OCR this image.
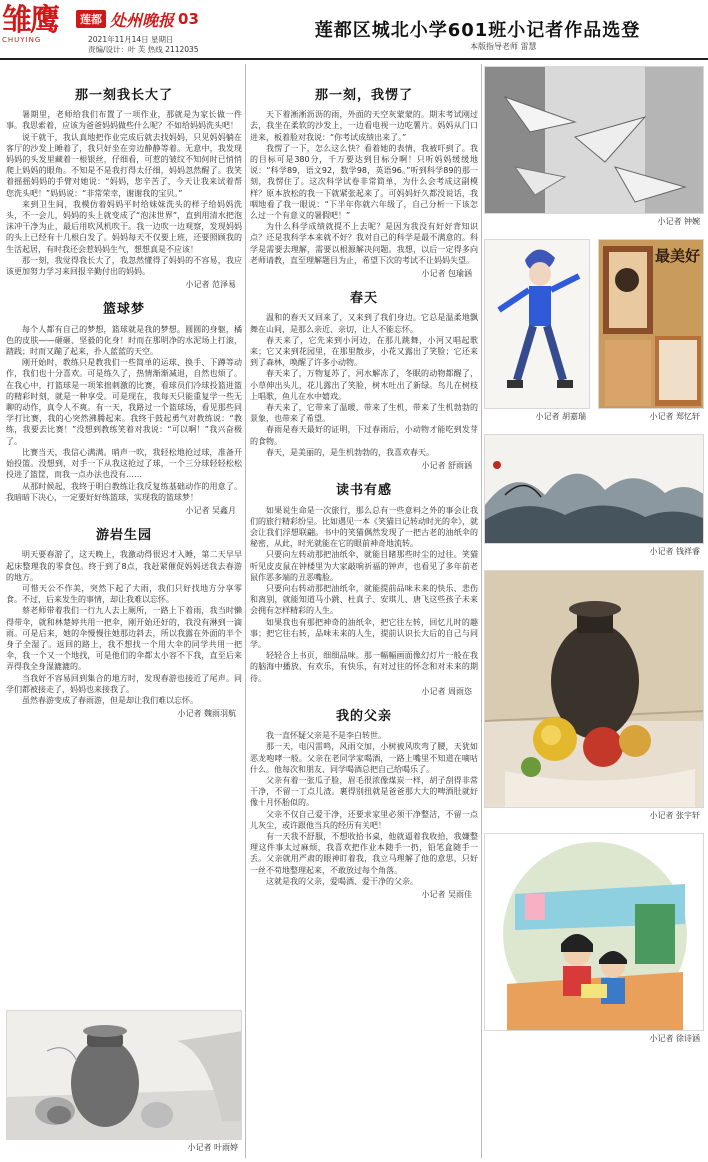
雏鹰
CHUYING
莲都 处州晚报 03
2021年11月14日 星期日
责编/设计：叶 芙 热线 2112035
莲都区城北小学601班小记者作品选登
本版指导老师 雷慧
那一刻我长大了

暑期里，老师给我们布置了一项作业，那就是为家长做一件事。我思索着，应该为爸爸妈妈做些什么呢？不如给妈妈洗头吧！

说干就干，我认真地把作业完成后就去找妈妈，只见妈妈躺在客厅的沙发上睡着了，我只好坐在旁边静静等着。无意中，我发现妈妈的头发里藏着一根银丝，仔细看，可惹的皱纹不知何时已悄悄爬上妈妈的眼角。不知是不是我打得太仔细，妈妈忽然醒了。我笑着摇摇妈妈的手臂对她说：“妈妈，您辛苦了，今天让我来试着帮您洗头吧！”妈妈说：“非常荣幸，谢谢我的宝贝。”

来到卫生间，我模仿着妈妈平时给妹妹洗头的样子给妈妈洗头，不一会儿，妈妈的头上就变成了“泡沫世界”，直到用清水把泡沫冲干净为止，最后用吹风机吹干。我一边吹一边观察，发现妈妈的头上已经有十几根白发了。妈妈每天不仅要上班，还要照顾我的生活起居，有时我还会惹妈妈生气，想想真是不应该！

那一刻，我觉得我长大了，我忽然懂得了妈妈的不容易，我应该更加努力学习来回报辛勤付出的妈妈。

小记者 范泽易
篮球梦

每个人都有自己的梦想，篮球就是我的梦想。圆圆的身躯，橘色的皮肤——砸砸、坚毅的化身！时而在那明净的水泥场上打滚，踏践；时而又蹦了起来，扑人蓝蓝的天空。

刚开始时，教练只是教我们一些简单的运球、换手、下蹲等动作，我们也十分喜欢。可是练久了，热情渐渐减退，自然也烦了。在我心中，打篮球是一项笨拙刺激的比赛，看球员们冷球投篮进篮的精彩时刻，就是一种享受。可是现在，我每天只能重复学一些无聊的动作，真令人不爽。有一天，我路过一个篮球场，看见那些同学打比赛，我的心突然沸腾起来。我终于鼓起勇气对教练说：“教练，我要去比赛！”没想到教练笑着对我说：“可以啊！”我兴奋极了。

比赛当天，我信心满满。哨声一吹，我轻松地抢过球，准备开始投篮。没想到，对手一下从我这抢过了球，一个三分球轻轻松松投进了篮筐，而我一点办法也没有……

从那时候起，我终于明白教练让我反复练基础动作的用意了。我暗暗下决心，一定要好好练篮球，实现我的篮球梦！

小记者 吴鑫月
游岩生园

明天要春游了，这天晚上，我激动得很迟才入睡，第二天早早起床整理我的零食包。终于到了8点，我赶紧催促妈妈送我去春游的地方。

可惜天公不作美，突然下起了大雨，我们只好找地方分享零食。不过，后来发生的事情，却让我难以忘怀。

蔡老师带着我们一行九人去上厕所，一路上下着雨，我当时懒得带伞，就和林楚婷共用一把伞，刚开始还好的，我没有淋到一滴雨。可是后来，她的伞慢慢往她那边斜去，所以我露在外面的半个身子全湿了。返回的路上，我不想找一个用大伞的同学共用一把伞，我一个又一个地找，可是他们的伞都太小容不下我，直至后来弄得我全身湿漉漉的。

当我好不容易回到集合的地方时，发现春游也接近了尾声。同学们都被接走了，妈妈也来接我了。

虽然春游变成了春雨游，但是却让我们难以忘怀。

小记者 魏雨羽航
小记者 叶雨婷
那一刻，我愣了

天下着淅淅沥沥的雨，外面的天空灰蒙蒙的。期末考试刚过去，我坐在柔软的沙发上，一边看电视一边吃薯片。妈妈从门口进来，板着脸对我说：“你考试成绩出来了。”

我愣了一下，怎么这么快？看着她的表情，我被吓到了。我的目标可是380分，千万要达到目标分啊！只听妈妈缓缓地说：“科学89，语文92，数学98，英语96。”听到科学89的那一刻，我愣住了。这次科学试卷非常简单，为什么会考成这副模样？原本放松的我一下就紧张起来了。可妈妈好久都没说话，我咽地看了我一眼说：“下半年你就六年级了，自己分析一下该怎么过一个有意义的暑假吧！”

为什么科学成绩就提不上去呢？是因为我没有好好背知识点？还是我科学本来就不好？我对自己的科学是最不满意的。科学是需要去理解，需要以根源解决问题。我想，以后一定得多向老师请教，直至理解题目为止，希望下次的考试不让妈妈失望。

小记者 包瑜涵
春天

温和的春天又回来了，又来到了我们身边。它总是温柔地飘舞在山间，是那么亲近、亲切，让人不能忘怀。

春天来了，它先来到小河边，在那儿跳舞，小河又唱起歌来；它又来到花园里，在那里散步，小花又露出了笑脸；它还来到了森林，唤醒了许多小动物。

春天来了，万物复苏了，河水解冻了，冬眠的动物都醒了，小草伸出头儿，花儿露出了笑脸，树木吐出了新绿。鸟儿在树枝上唱歌，鱼儿在水中嬉戏。

春天来了，它带来了温暖，带来了生机，带来了生机勃勃的景象，也带来了希望。

春雨是春天最好的证明，下过春雨后，小动物才能吃到发芽的食物。

春天，是美丽的，是生机勃勃的，我喜欢春天。

小记者 舒雨涵
读书有感

如果说生命是一次旅行，那么总有一些意料之外的事会让我们的旅行精彩纷呈。比如遇见一本《笑猫日记转动时光的伞》，就会让我们浮想联翩。书中的笑猫偶然发现了一把古老的油纸伞的秘密，从此，时光就能在它的眼前神奇地流转。

只要向左转动那把油纸伞，就能目睹那些时尘的过往。笑猫听见皮皮鼠在钟楼里为大家敲响祈福的钟声，也看见了多年前老鼠作恶多端的丑恶嘴脸。

只要向右转动那把油纸伞，就能提前品味未来的快乐、悲伤和离别，就能知道马小跳、杜真子、安琪儿、唐飞这些孩子未来会拥有怎样精彩的人生。

如果我也有那把神奇的油纸伞，把它往左转，回忆儿时的趣事；把它往右转，品味未来的人生，提前认识长大后的自己与同学。

轻轻合上书页，细细品味。那一幅幅画面像幻灯片一般在我的脑海中播放，有欢乐，有快乐，有对过往的怀念和对未来的期待。

小记者 周雨恣
我的父亲

我一直怀疑父亲是不是李白转世。

那一天，电闪雷鸣，风雨交加，小树被风吹弯了腰，天犹如恶龙咆哮一般。父亲在老同学家喝酒，一路上嘴里不知道在嘀咕什么。他每次和朋友、同学喝酒总把自己给喝乐了。

父亲有着一张瓜子脸，眉毛很浓像煤炭一样，胡子刮得非常干净，不留一丁点儿渣。裹得别扭就是爸爸那大大的啤酒肚就好像十月怀胎似的。

父亲不仅自己爱干净，还要求家里必须干净整洁，不留一点儿灰尘，或许跟他当兵的经历有关吧！

有一天我不舒服，不想收拾书桌，他就逼着我收拾，我嫌整理这件事太过麻烦，我喜欢把作业本随手一扔，铅笔盒随手一丢。父亲就用严肃的眼神盯着我，我立马理解了他的意思，只好一丝不苟地整理起来，不敢放过每个角落。

这就是我的父亲，爱喝酒、爱干净的父亲。

小记者 吴雨佳
小记者 钟婉
小记者 胡嘉瑞
最美好
小记者 郑忆轩
小记者 钱祥睿
小记者 张宇轩
小记者 徐诗涵
